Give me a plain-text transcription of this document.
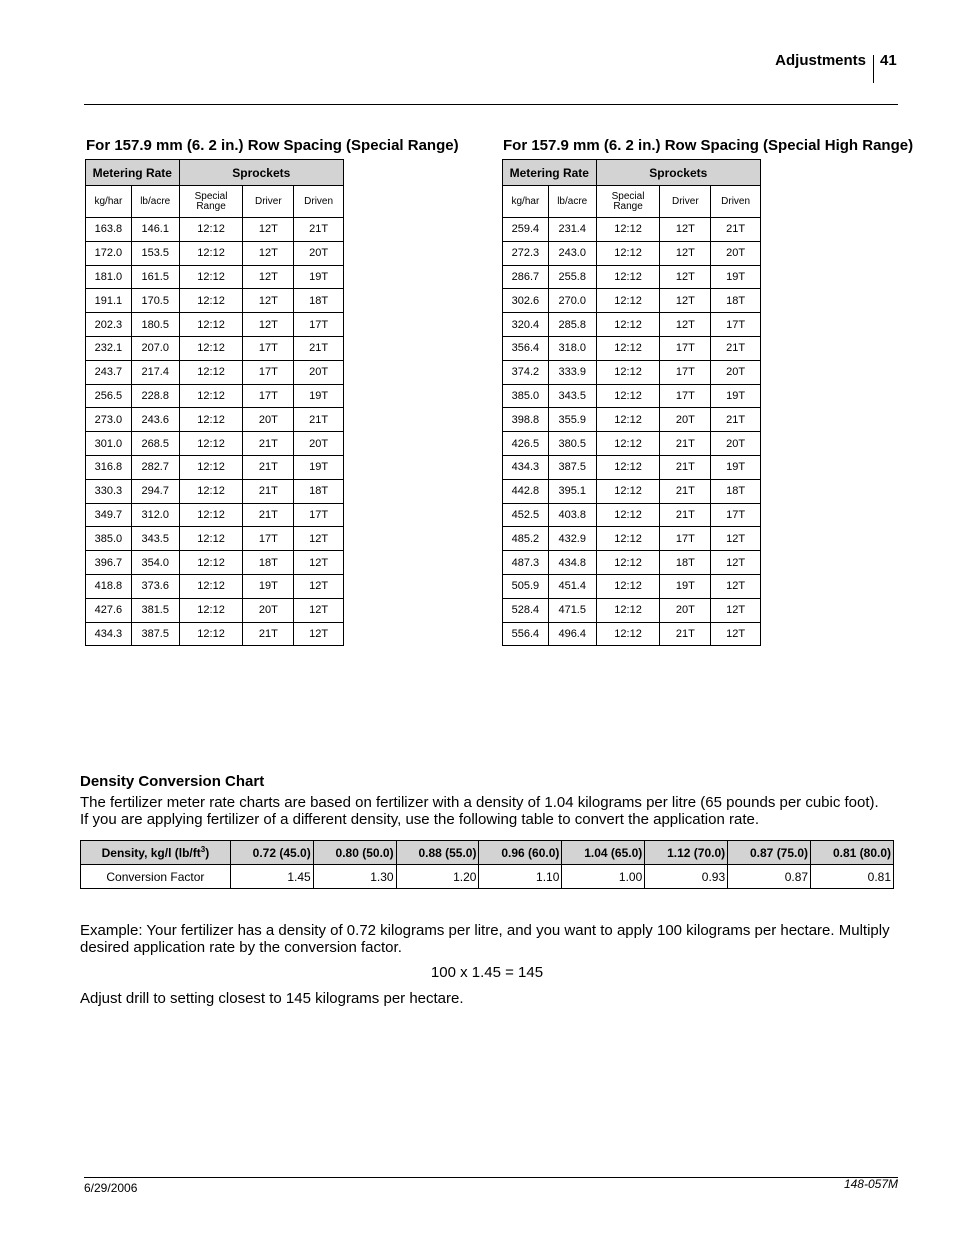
Adjustments 41
For 157.9 mm (6. 2 in.) Row Spacing (Special Range)
Metering Rate		Sprockets		
kg/har	lb/acre	Special Range	Driver	Driven
163.8	146.1	12:12	12T	21T
172.0	153.5	12:12	12T	20T
181.0	161.5	12:12	12T	19T
191.1	170.5	12:12	12T	18T
202.3	180.5	12:12	12T	17T
232.1	207.0	12:12	17T	21T
243.7	217.4	12:12	17T	20T
256.5	228.8	12:12	17T	19T
273.0	243.6	12:12	20T	21T
301.0	268.5	12:12	21T	20T
316.8	282.7	12:12	21T	19T
330.3	294.7	12:12	21T	18T
349.7	312.0	12:12	21T	17T
385.0	343.5	12:12	17T	12T
396.7	354.0	12:12	18T	12T
418.8	373.6	12:12	19T	12T
427.6	381.5	12:12	20T	12T
434.3	387.5	12:12	21T	12T
For 157.9 mm (6. 2 in.) Row Spacing (Special High Range)
Metering Rate		Sprockets		
kg/har	lb/acre	Special Range	Driver	Driven
259.4	231.4	12:12	12T	21T
272.3	243.0	12:12	12T	20T
286.7	255.8	12:12	12T	19T
302.6	270.0	12:12	12T	18T
320.4	285.8	12:12	12T	17T
356.4	318.0	12:12	17T	21T
374.2	333.9	12:12	17T	20T
385.0	343.5	12:12	17T	19T
398.8	355.9	12:12	20T	21T
426.5	380.5	12:12	21T	20T
434.3	387.5	12:12	21T	19T
442.8	395.1	12:12	21T	18T
452.5	403.8	12:12	21T	17T
485.2	432.9	12:12	17T	12T
487.3	434.8	12:12	18T	12T
505.9	451.4	12:12	19T	12T
528.4	471.5	12:12	20T	12T
556.4	496.4	12:12	21T	12T
Density Conversion Chart
The fertilizer meter rate charts are based on fertilizer with a density of 1.04 kilograms per litre (65 pounds per cubic foot).
If you are applying fertilizer of a different density, use the following table to convert the application rate.
Density, kg/l $(lb/ft^3)$	0.72 (45.0)	0.80 (50.0)	0.88 (55.0)	0.96 (60.0)	1.04 (65.0)	1.12 (70.0)	0.87 (75.0)	0.81 (80.0)
Conversion Factor	1.45	1.30	1.20	1.10	1.00	0.93	0.87	0.81
Example: Your fertilizer has a density of 0.72 kilograms per litre, and you want to apply 100 kilograms per hectare. Multiply desired application rate by the conversion factor.
100 x 1.45 = 145
Adjust drill to setting closest to 145 kilograms per hectare.
6/29/2006	148-057M
